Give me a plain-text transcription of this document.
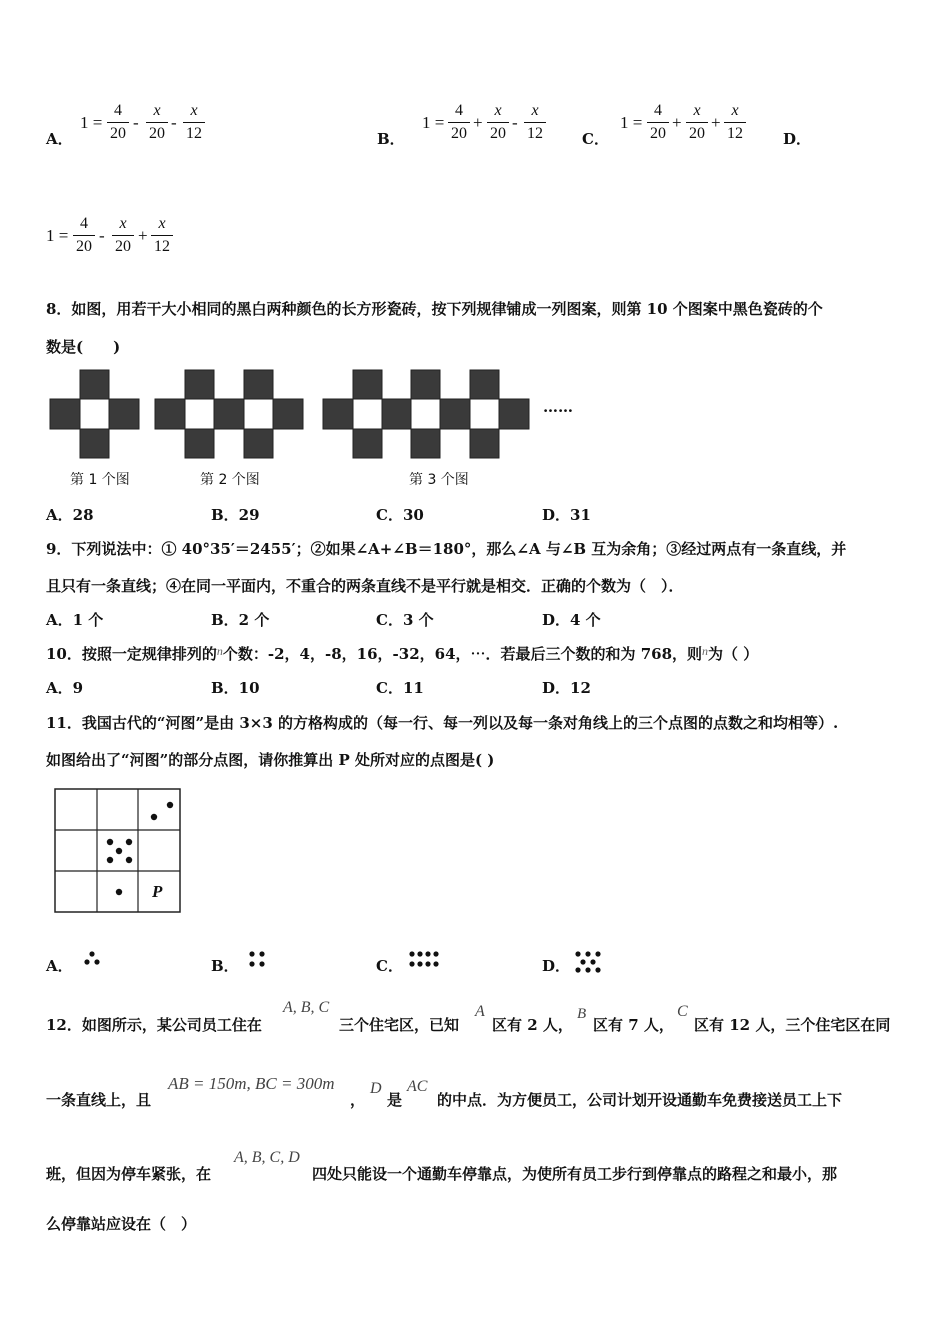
A．
1 =
4
20
-
x
20
-
x
12	B．
1 =
4
20
+
x
20
-
x
12	C．
1 =
4
20
+
x
20
+
x
12	D．
1 =
4
20
-
x
20
+
x
12
8．如图，用若干大小相同的黑白两种颜色的长方形瓷砖，按下列规律铺成一列图案，则第 10 个图案中黑色瓷砖的个
数是(　　)
……
第 1 个图	第 2 个图	第 3 个图
A．28	B．29	C．30	D．31
9．下列说法中：① 40°35′＝2455′；②如果∠A+∠B＝180°，那么∠A 与∠B 互为余角；③经过两点有一条直线，并
且只有一条直线；④在同一平面内，不重合的两条直线不是平行就是相交．正确的个数为（　）．
A．1 个	B．2 个	C．3 个	D．4 个
10．按照一定规律排列的$^n$个数：-2，4，-8，16，-32，64，⋯．若最后三个数的和为 768，则$^n$为（ ）
A．9	B．10	C．11	D．12
11．我国古代的“河图”是由 3×3 的方格构成的（每一行、每一列以及每一条对角线上的三个点图的点数之和均相等）.
如图给出了“河图”的部分点图，请你推算出 P 处所对应的点图是( )
P
A．	B．	C．	D．
12．如图所示，某公司员工住在
A, B, C
三个住宅区，已知
A
区有 2 人，
B
区有 7 人，
C
区有 12 人，三个住宅区在同
一条直线上，且
AB = 150m, BC = 300m
，
D
是
AC
的中点．为方便员工，公司计划开设通勤车免费接送员工上下
班，但因为停车紧张，在
A, B, C, D
四处只能设一个通勤车停靠点，为使所有员工步行到停靠点的路程之和最小，那
么停靠站应设在（　）
